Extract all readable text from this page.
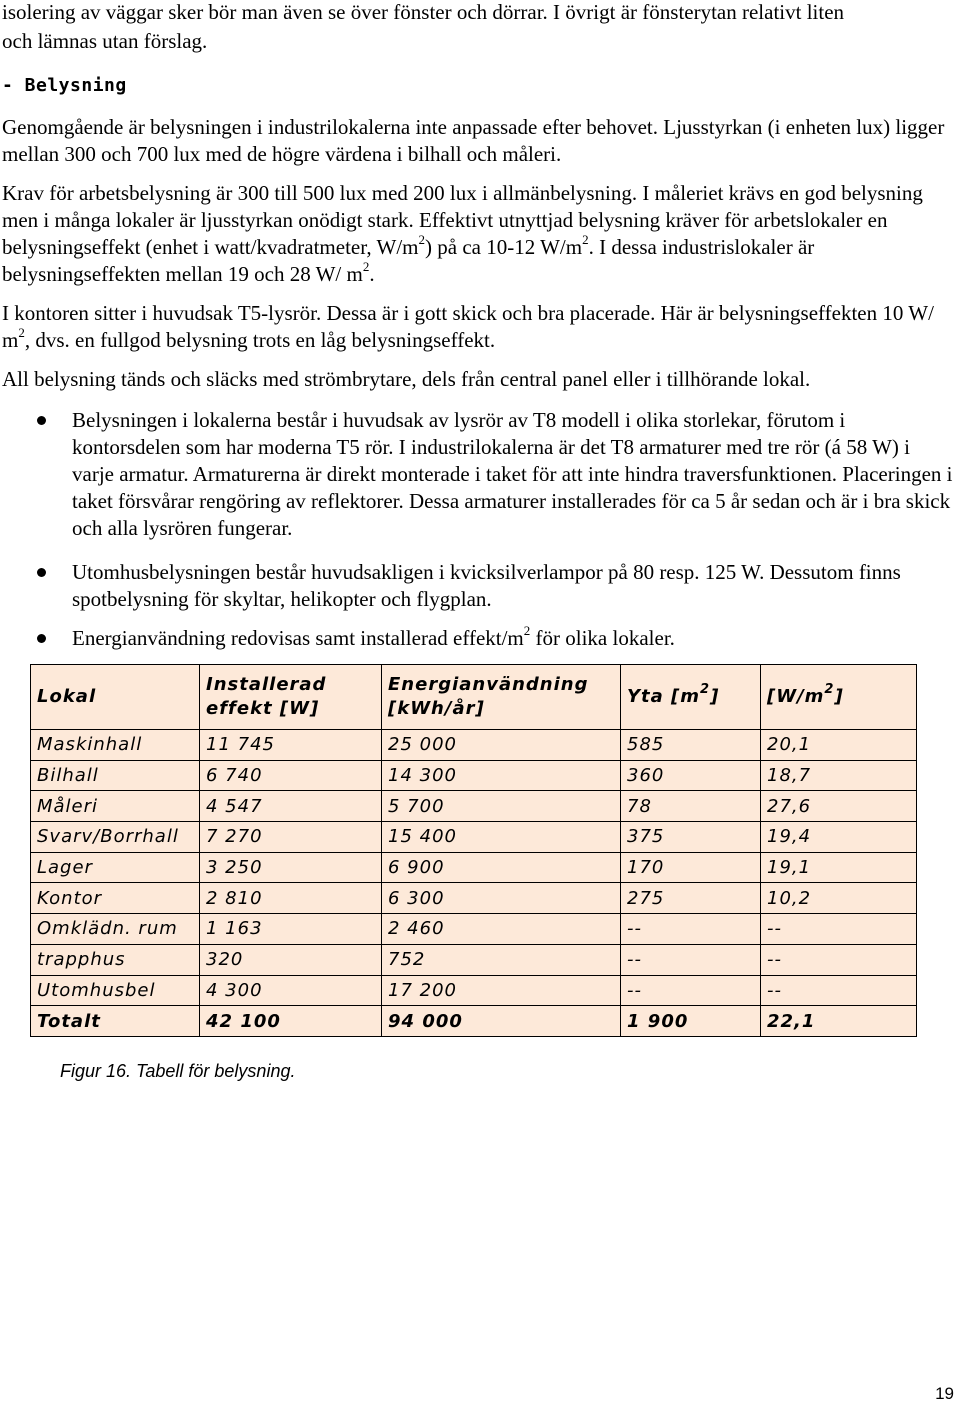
isolering av väggar sker bör man även se över fönster och dörrar. I övrigt är fönsterytan relativt liten
och lämnas utan förslag.
- Belysning

Genomgående är belysningen i industrilokalerna inte anpassade efter behovet. Ljusstyrkan (i enheten lux) ligger mellan 300 och 700 lux med de högre värdena i bilhall och måleri.

Krav för arbetsbelysning är 300 till 500 lux med 200 lux i allmänbelysning. I måleriet krävs en god belysning men i många lokaler är ljusstyrkan onödigt stark. Effektivt utnyttjad belysning kräver för arbetslokaler en belysningseffekt (enhet i watt/kvadratmeter, $W/m^2$) på ca 10-12 $W/m^2$. I dessa industrislokaler är belysningseffekten mellan 19 och 28 W/ $m^2$.

I kontoren sitter i huvudsak T5-lysrör. Dessa är i gott skick och bra placerade. Här är belysningseffekten 10 W/ $m^2$, dvs. en fullgod belysning trots en låg belysningseffekt.

All belysning tänds och släcks med strömbrytare, dels från central panel eller i tillhörande lokal.

Belysningen i lokalerna består i huvudsak av lysrör av T8 modell i olika storlekar, förutom i kontorsdelen som har moderna T5 rör. I industrilokalerna är det T8 armaturer med tre rör (á 58 W) i varje armatur. Armaturerna är direkt monterade i taket för att inte hindra traversfunktionen. Placeringen i taket försvårar rengöring av reflektorer. Dessa armaturer installerades för ca 5 år sedan och är i bra skick och alla lysrören fungerar.

Utomhusbelysningen består huvudsakligen i kvicksilverlampor på 80 resp. 125 W. Dessutom finns spotbelysning för skyltar, helikopter och flygplan.

Energianvändning redovisas samt installerad effekt/$m^2$ för olika lokaler.

Lokal	Installerad effekt [W]	Energianvändning [kWh/år]	Yta $[m^2]$	$[W/m^2]$
Maskinhall	11 745	25 000	585	20,1
Bilhall	6 740	14 300	360	18,7
Måleri	4 547	5 700	78	27,6
Svarv/Borrhall	7 270	15 400	375	19,4
Lager	3 250	6 900	170	19,1
Kontor	2 810	6 300	275	10,2
Omklädn. rum	1 163	2 460	--	--
trapphus	320	752	--	--
Utomhusbel	4 300	17 200	--	--
Totalt	42 100	94 000	1 900	22,1
Figur 16. Tabell för belysning.
19
